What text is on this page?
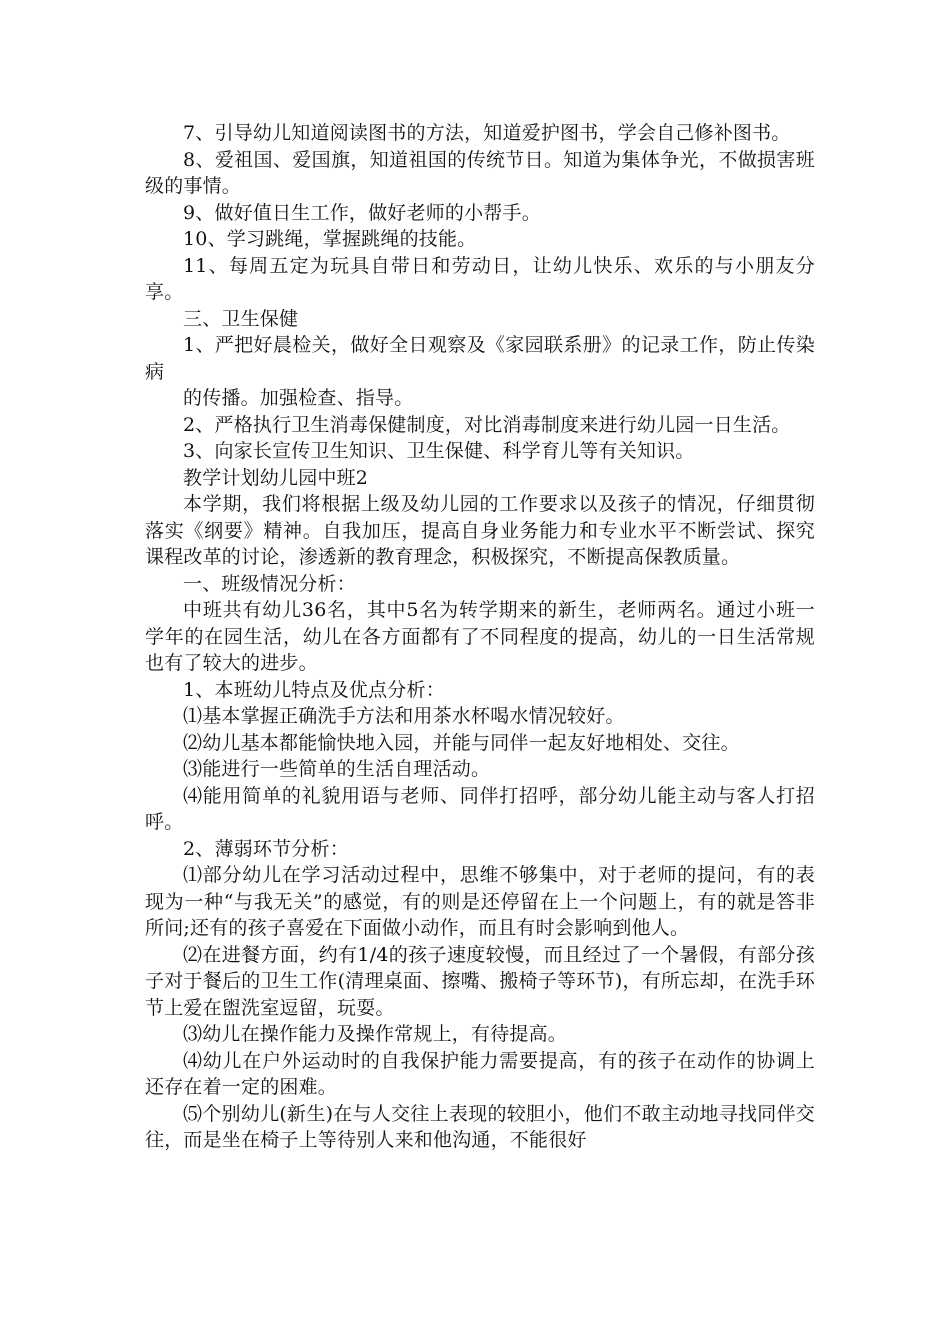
7、引导幼儿知道阅读图书的方法，知道爱护图书，学会自己修补图书。

8、爱祖国、爱国旗，知道祖国的传统节日。知道为集体争光，不做损害班级的事情。

9、做好值日生工作，做好老师的小帮手。

10、学习跳绳，掌握跳绳的技能。

11、每周五定为玩具自带日和劳动日，让幼儿快乐、欢乐的与小朋友分享。

三、卫生保健

1、严把好晨检关，做好全日观察及《家园联系册》的记录工作，防止传染病

的传播。加强检查、指导。

2、严格执行卫生消毒保健制度，对比消毒制度来进行幼儿园一日生活。

3、向家长宣传卫生知识、卫生保健、科学育儿等有关知识。

教学计划幼儿园中班2

本学期，我们将根据上级及幼儿园的工作要求以及孩子的情况，仔细贯彻落实《纲要》精神。自我加压，提高自身业务能力和专业水平不断尝试、探究课程改革的讨论，渗透新的教育理念，积极探究，不断提高保教质量。

一、班级情况分析：

中班共有幼儿36名，其中5名为转学期来的新生，老师两名。通过小班一学年的在园生活，幼儿在各方面都有了不同程度的提高，幼儿的一日生活常规也有了较大的进步。

1、本班幼儿特点及优点分析：

⑴基本掌握正确洗手方法和用茶水杯喝水情况较好。

⑵幼儿基本都能愉快地入园，并能与同伴一起友好地相处、交往。

⑶能进行一些简单的生活自理活动。

⑷能用简单的礼貌用语与老师、同伴打招呼，部分幼儿能主动与客人打招呼。

2、薄弱环节分析：

⑴部分幼儿在学习活动过程中，思维不够集中，对于老师的提问，有的表现为一种“与我无关”的感觉，有的则是还停留在上一个问题上，有的就是答非所问;还有的孩子喜爱在下面做小动作，而且有时会影响到他人。

⑵在进餐方面，约有1/4的孩子速度较慢，而且经过了一个暑假，有部分孩子对于餐后的卫生工作(清理桌面、擦嘴、搬椅子等环节)，有所忘却，在洗手环节上爱在盥洗室逗留，玩耍。

⑶幼儿在操作能力及操作常规上，有待提高。

⑷幼儿在户外运动时的自我保护能力需要提高，有的孩子在动作的协调上还存在着一定的困难。

⑸个别幼儿(新生)在与人交往上表现的较胆小，他们不敢主动地寻找同伴交往，而是坐在椅子上等待别人来和他沟通，不能很好
